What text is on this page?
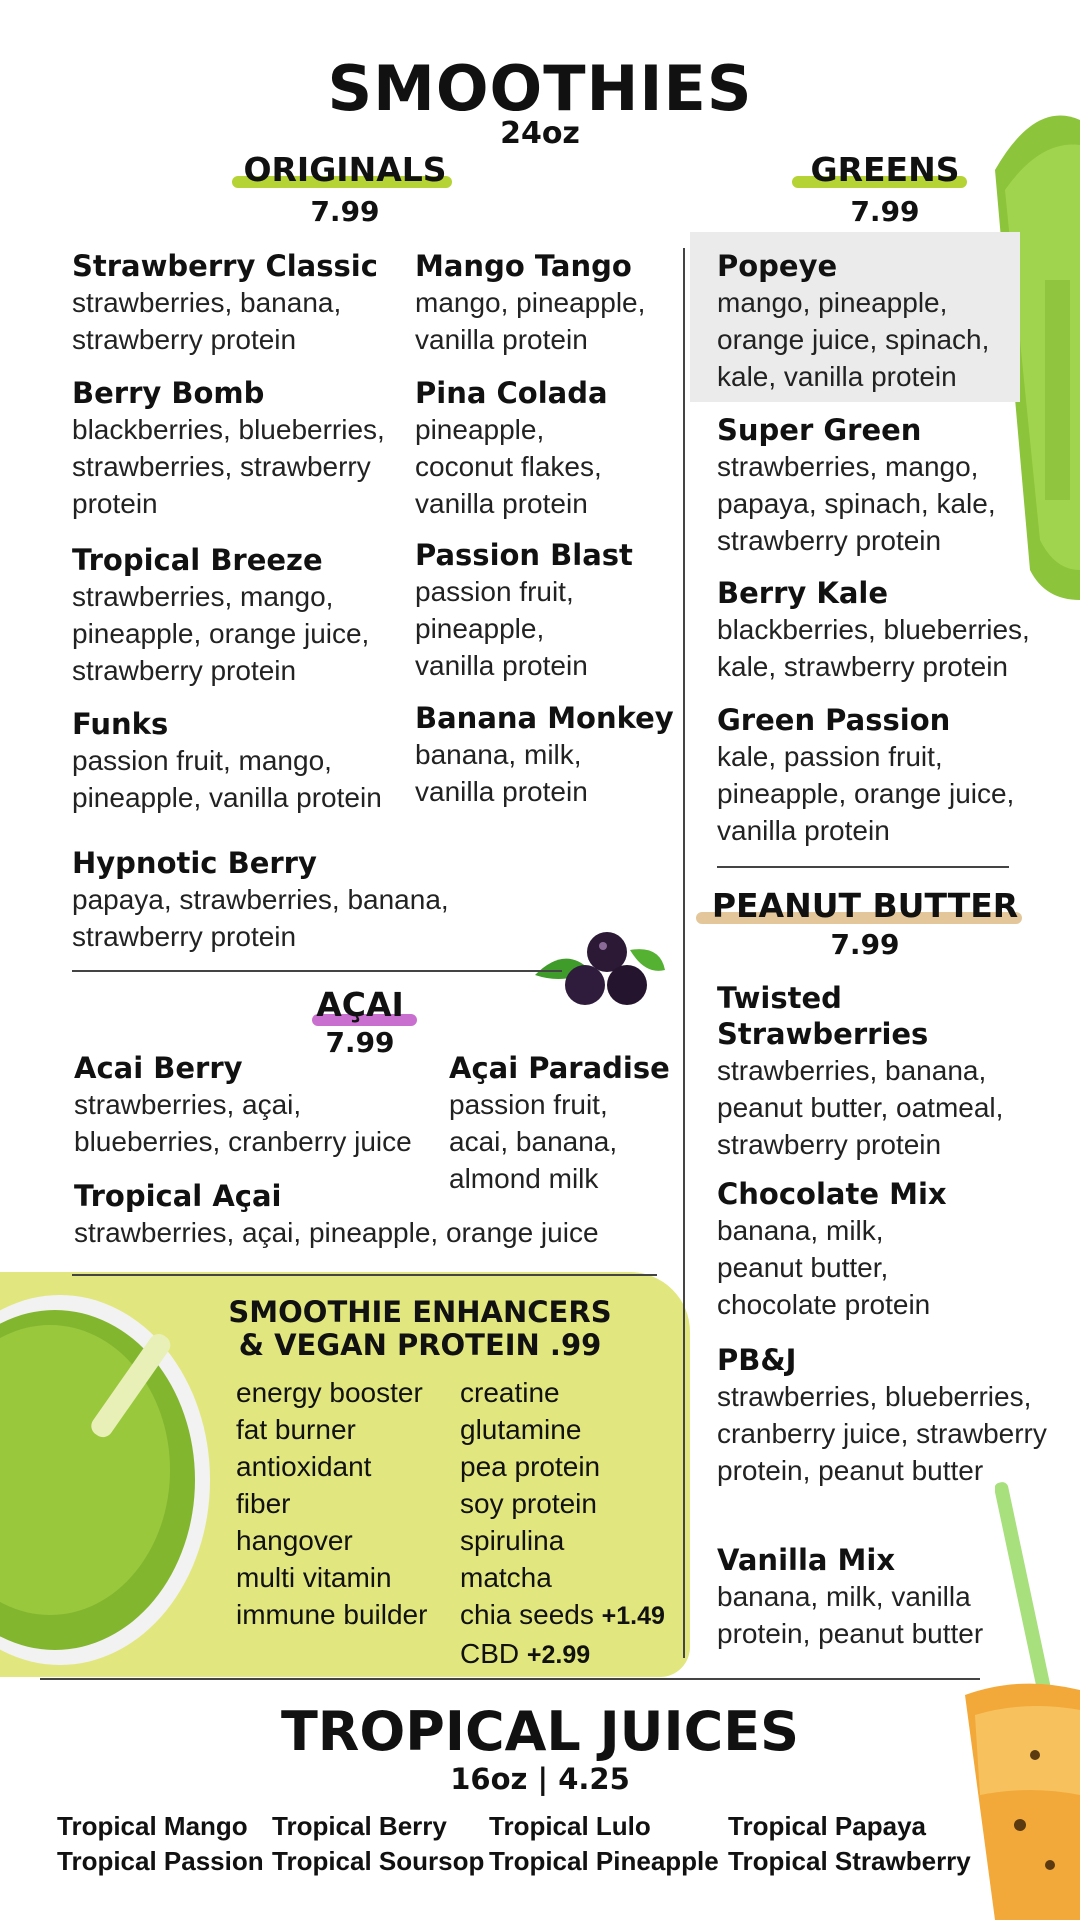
SMOOTHIES
24oz
ORIGINALS
7.99
GREENS
7.99
Strawberry Classic
strawberries, banana, strawberry protein
Berry Bomb
blackberries, blueberries, strawberries, strawberry protein
Tropical Breeze
strawberries, mango, pineapple, orange juice, strawberry protein
Funks
passion fruit, mango, pineapple, vanilla protein
Mango Tango
mango, pineapple, vanilla protein
Pina Colada
pineapple, coconut flakes, vanilla protein
Passion Blast
passion fruit, pineapple, vanilla protein
Banana Monkey
banana, milk, vanilla protein
Hypnotic Berry
papaya, strawberries, banana, strawberry protein
AÇAI
7.99
Acai Berry
strawberries, açai, blueberries, cranberry juice
Açai Paradise
passion fruit, acai, banana, almond milk
Tropical Açai
strawberries, açai, pineapple, orange juice
SMOOTHIE ENHANCERS
& VEGAN PROTEIN .99
energy booster
fat burner
antioxidant
fiber
hangover
multi vitamin
immune builder
creatine
glutamine
pea protein
soy protein
spirulina
matcha
chia seeds +1.49
CBD +2.99
Popeye
mango, pineapple, orange juice, spinach, kale, vanilla protein
Super Green
strawberries, mango, papaya, spinach, kale, strawberry protein
Berry Kale
blackberries, blueberries, kale, strawberry protein
Green Passion
kale, passion fruit, pineapple, orange juice, vanilla protein
PEANUT BUTTER
7.99
Twisted Strawberries
strawberries, banana, peanut butter, oatmeal, strawberry protein
Chocolate Mix
banana, milk, peanut butter, chocolate protein
PB&J
strawberries, blueberries, cranberry juice, strawberry protein, peanut butter
Vanilla Mix
banana, milk, vanilla protein, peanut butter
TROPICAL JUICES
16oz | 4.25
Tropical Mango Tropical Berry Tropical Lulo	Tropical Papaya
Tropical Passion Tropical Soursop Tropical Pineapple Tropical Strawberry
